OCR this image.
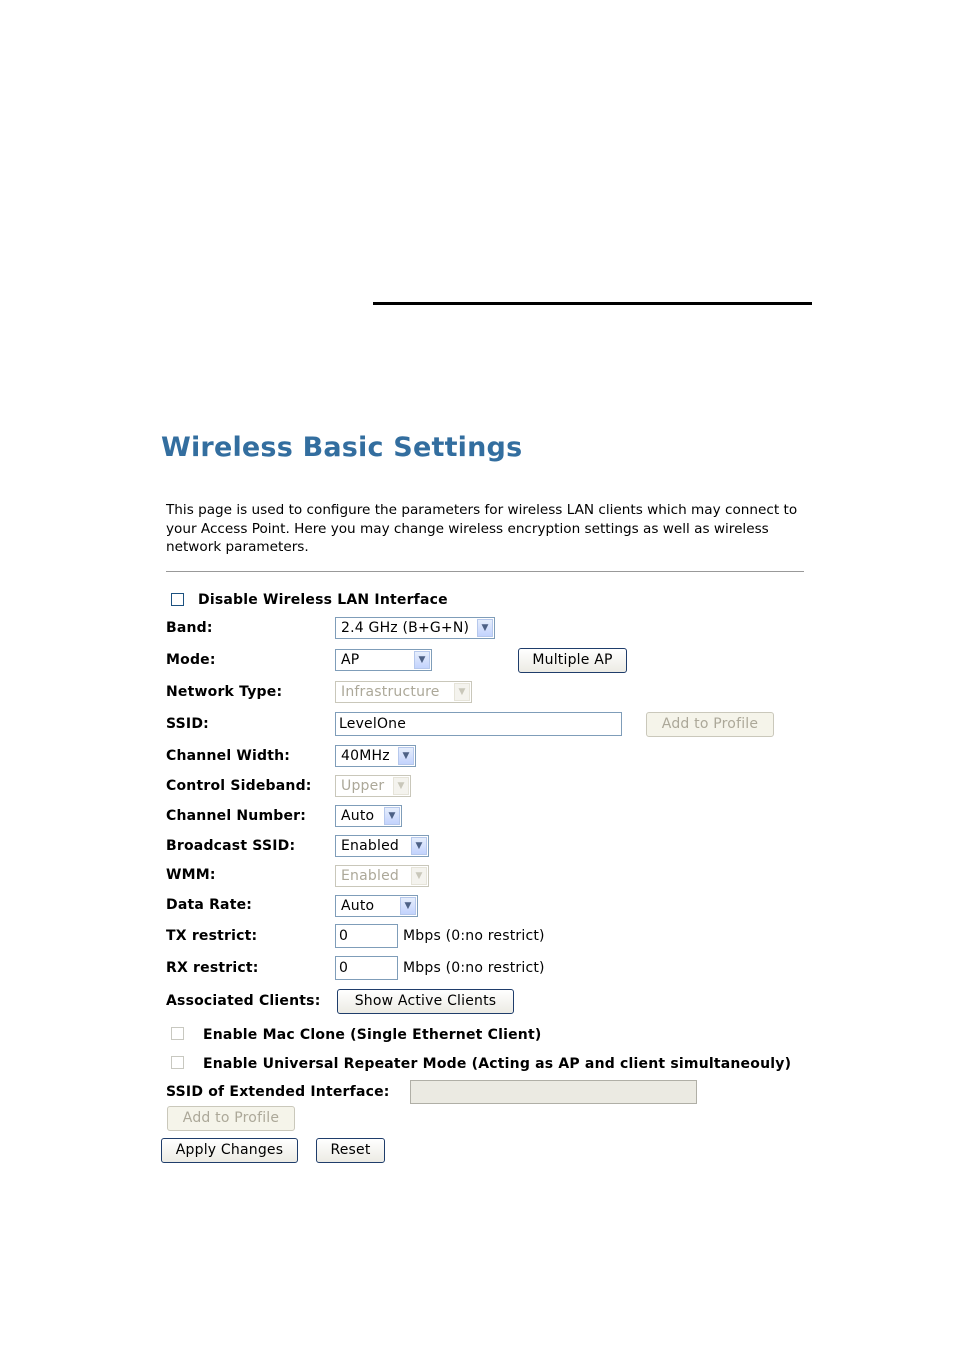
Wireless Basic Settings

This page is used to configure the parameters for wireless LAN clients which may connect to your Access Point. Here you may change wireless encryption settings as well as wireless network parameters.

Disable Wireless LAN Interface
Band:	2.4 GHz (B+G+N)	▼
Mode:	AP	▼	Multiple AP
Network Type:	Infrastructure	▼
SSID:	LevelOne	Add to Profile
Channel Width:	40MHz	▼
Control Sideband: Upper	▼
Channel Number: Auto	▼
Broadcast SSID:	Enabled	▼
WMM:	Enabled	▼
Data Rate:	Auto	▼
TX restrict:	0	Mbps (0:no restrict)
RX restrict:	0	Mbps (0:no restrict)
Associated Clients:	Show Active Clients
Enable Mac Clone (Single Ethernet Client)
Enable Universal Repeater Mode (Acting as AP and client simultaneouly)
SSID of Extended Interface:
Add to Profile
Apply Changes	Reset
